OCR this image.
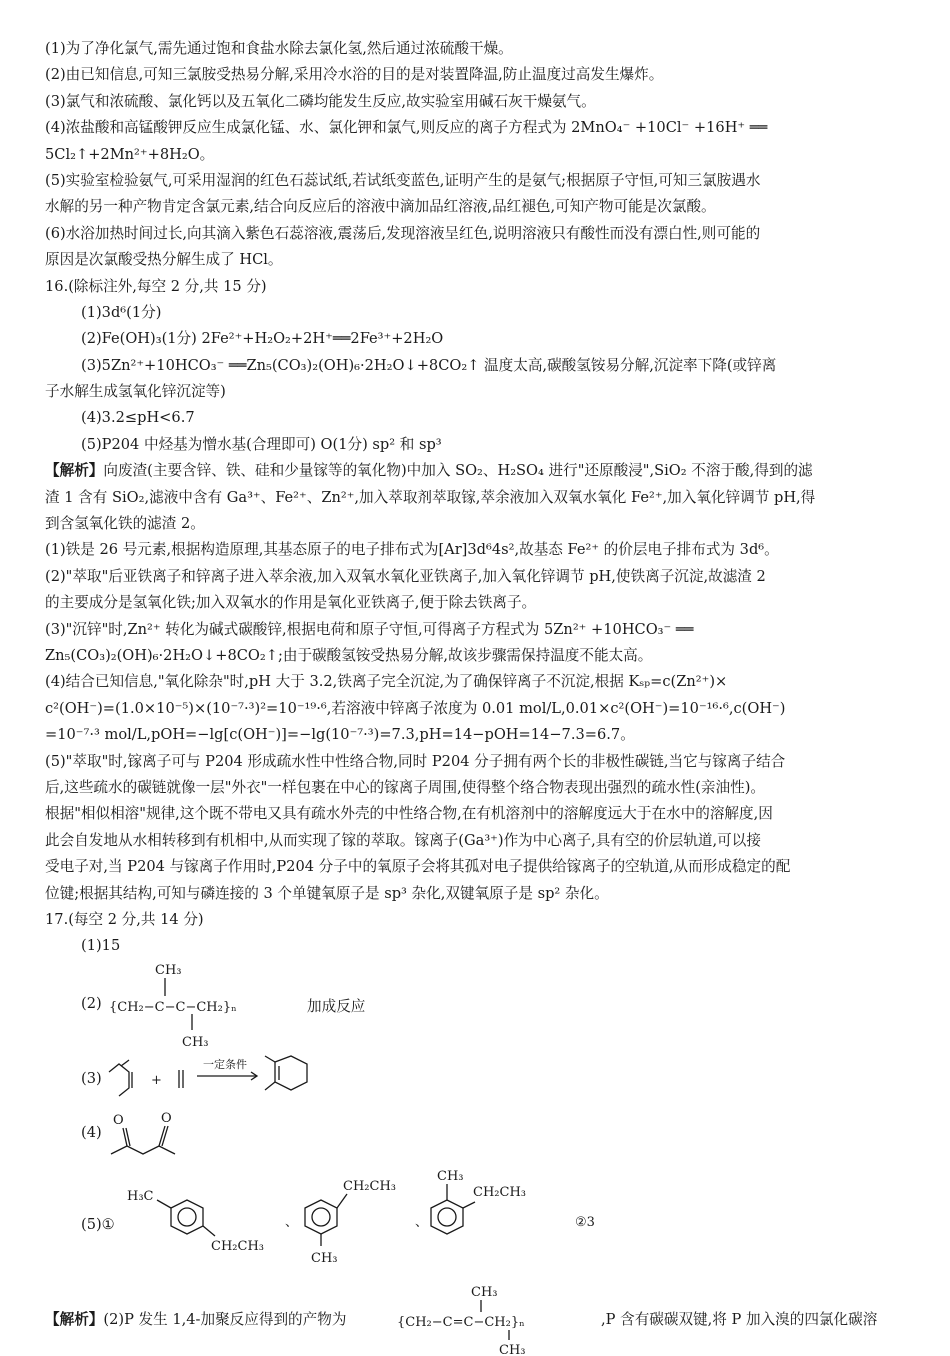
(1)为了净化氯气,需先通过饱和食盐水除去氯化氢,然后通过浓硫酸干燥。
(2)由已知信息,可知三氯胺受热易分解,采用冷水浴的目的是对装置降温,防止温度过高发生爆炸。
(3)氯气和浓硫酸、氯化钙以及五氧化二磷均能发生反应,故实验室用碱石灰干燥氨气。
(4)浓盐酸和高锰酸钾反应生成氯化锰、水、氯化钾和氯气,则反应的离子方程式为 2MnO₄⁻ +10Cl⁻ +16H⁺ ══
5Cl₂↑+2Mn²⁺+8H₂O。
(5)实验室检验氨气,可采用湿润的红色石蕊试纸,若试纸变蓝色,证明产生的是氨气;根据原子守恒,可知三氯胺遇水
水解的另一种产物肯定含氯元素,结合向反应后的溶液中滴加品红溶液,品红褪色,可知产物可能是次氯酸。
(6)水浴加热时间过长,向其滴入紫色石蕊溶液,震荡后,发现溶液呈红色,说明溶液只有酸性而没有漂白性,则可能的
原因是次氯酸受热分解生成了 HCl。
16.(除标注外,每空 2 分,共 15 分)
(1)3d⁶(1分)
(2)Fe(OH)₃(1分) 2Fe²⁺+H₂O₂+2H⁺══2Fe³⁺+2H₂O
(3)5Zn²⁺+10HCO₃⁻ ══Zn₅(CO₃)₂(OH)₆·2H₂O↓+8CO₂↑ 温度太高,碳酸氢铵易分解,沉淀率下降(或锌离
子水解生成氢氧化锌沉淀等)
(4)3.2≤pH<6.7
(5)P204 中烃基为憎水基(合理即可) O(1分) sp² 和 sp³
【解析】向废渣(主要含锌、铁、硅和少量镓等的氧化物)中加入 SO₂、H₂SO₄ 进行"还原酸浸",SiO₂ 不溶于酸,得到的滤
渣 1 含有 SiO₂,滤液中含有 Ga³⁺、Fe²⁺、Zn²⁺,加入萃取剂萃取镓,萃余液加入双氧水氧化 Fe²⁺,加入氧化锌调节 pH,得
到含氢氧化铁的滤渣 2。
(1)铁是 26 号元素,根据构造原理,其基态原子的电子排布式为[Ar]3d⁶4s²,故基态 Fe²⁺ 的价层电子排布式为 3d⁶。
(2)"萃取"后亚铁离子和锌离子进入萃余液,加入双氧水氧化亚铁离子,加入氧化锌调节 pH,使铁离子沉淀,故滤渣 2
的主要成分是氢氧化铁;加入双氧水的作用是氧化亚铁离子,便于除去铁离子。
(3)"沉锌"时,Zn²⁺ 转化为碱式碳酸锌,根据电荷和原子守恒,可得离子方程式为 5Zn²⁺ +10HCO₃⁻ ══
Zn₅(CO₃)₂(OH)₆·2H₂O↓+8CO₂↑;由于碳酸氢铵受热易分解,故该步骤需保持温度不能太高。
(4)结合已知信息,"氧化除杂"时,pH 大于 3.2,铁离子完全沉淀,为了确保锌离子不沉淀,根据 Kₛₚ=c(Zn²⁺)×
c²(OH⁻)=(1.0×10⁻⁵)×(10⁻⁷·³)²=10⁻¹⁹·⁶,若溶液中锌离子浓度为 0.01 mol/L,0.01×c²(OH⁻)=10⁻¹⁶·⁶,c(OH⁻)
=10⁻⁷·³ mol/L,pOH=−lg[c(OH⁻)]=−lg(10⁻⁷·³)=7.3,pH=14−pOH=14−7.3=6.7。
(5)"萃取"时,镓离子可与 P204 形成疏水性中性络合物,同时 P204 分子拥有两个长的非极性碳链,当它与镓离子结合
后,这些疏水的碳链就像一层"外衣"一样包裹在中心的镓离子周围,使得整个络合物表现出强烈的疏水性(亲油性)。
根据"相似相溶"规律,这个既不带电又具有疏水外壳的中性络合物,在有机溶剂中的溶解度远大于在水中的溶解度,因
此会自发地从水相转移到有机相中,从而实现了镓的萃取。镓离子(Ga³⁺)作为中心离子,具有空的价层轨道,可以接
受电子对,当 P204 与镓离子作用时,P204 分子中的氧原子会将其孤对电子提供给镓离子的空轨道,从而形成稳定的配
位键;根据其结构,可知与磷连接的 3 个单键氧原子是 sp³ 杂化,双键氧原子是 sp² 杂化。
17.(每空 2 分,共 14 分)
(1)15
(2)
CH₃
{CH₂−C−C−CH₂}ₙ
CH₃
加成反应
(3)	+
一定条件
(4)
O	O
(5)①
H₃C
CH₂CH₃
、
CH₂CH₃
CH₃
、
CH₃
CH₂CH₃
②3
【解析】(2)P 发生 1,4-加聚反应得到的产物为
CH₃
{CH₂−C=C−CH₂}ₙ
CH₃
,P 含有碳碳双键,将 P 加入溴的四氯化碳溶
